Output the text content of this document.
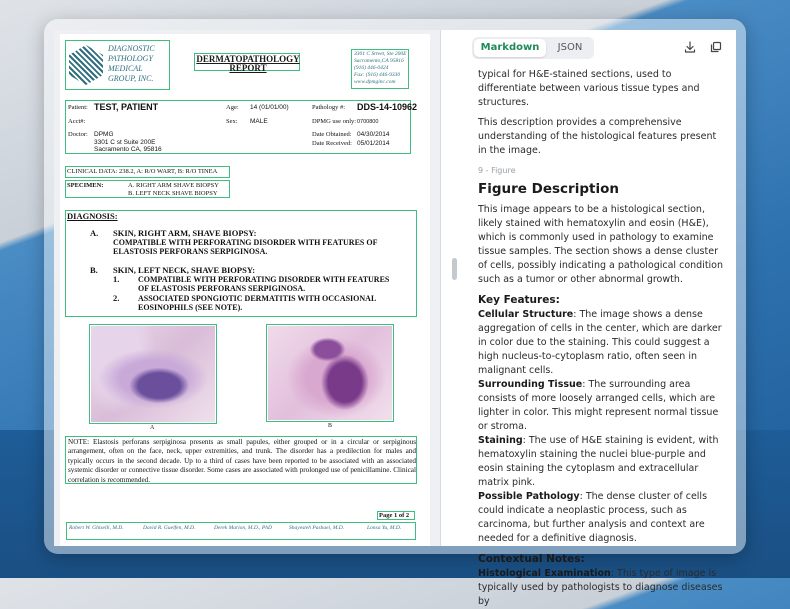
DIAGNOSTIC
PATHOLOGY
MEDICAL
GROUP, INC.
DERMATOPATHOLOGY REPORT
3301 C Street, Ste 200E
Sacramento,CA 95816
(916) 446-0424
Fax: (916) 446-9330
www.dpmginc.com
Patient: TEST, PATIENT
Acct#:
Doctor: DPMG
3301 C st Suite 200E
Sacramento CA, 95816
Age: 14 (01/01/00)
Sex: MALE
Pathology #: DDS-14-10962
DPMG use only: 0700800
Date Obtained: 04/30/2014
Date Received: 05/01/2014
CLINICAL DATA: 238.2, A: R/O WART, B: R/O TINEA
SPECIMEN:	A. RIGHT ARM SHAVE BIOPSY
B. LEFT NECK SHAVE BIOPSY
DIAGNOSIS:
A. SKIN, RIGHT ARM, SHAVE BIOPSY:
COMPATIBLE WITH PERFORATING DISORDER WITH FEATURES OF
ELASTOSIS PERFORANS SERPIGINOSA.
B. SKIN, LEFT NECK, SHAVE BIOPSY:
1. COMPATIBLE WITH PERFORATING DISORDER WITH FEATURES
OF ELASTOSIS PERFORANS SERPIGINOSA.
2. ASSOCIATED SPONGIOTIC DERMATITIS WITH OCCASIONAL
EOSINOPHILS (SEE NOTE).
A	B
NOTE: Elastosis perforans serpiginosa presents as small papules, either grouped or in a circular or serpiginous arrangement, often on the face, neck, upper extremities, and trunk. The disorder has a predilection for males and typically occurs in the second decade. Up to a third of cases have been reported to be associated with an associated systemic disorder or connective tissue disorder. Some cases are associated with prolonged use of penicillamine. Clinical correlation is recommended.
Page 1 of 2
Robert W. Ghiselli, M.D.	David R. Guelfen, M.D.	Derek Marion, M.D., PhD	Shayesteh Pashaei, M.D.	Lonsa Yu, M.D.
Markdown	JSON

typical for H&E-stained sections, used to differentiate between various tissue types and structures.

This description provides a comprehensive understanding of the histological features present in the image.

9 - Figure
Figure Description

This image appears to be a histological section, likely stained with hematoxylin and eosin (H&E), which is commonly used in pathology to examine tissue samples. The section shows a dense cluster of cells, possibly indicating a pathological condition such as a tumor or other abnormal growth.

Key Features:
Cellular Structure: The image shows a dense aggregation of cells in the center, which are darker in color due to the staining. This could suggest a high nucleus-to-cytoplasm ratio, often seen in malignant cells.
Surrounding Tissue: The surrounding area consists of more loosely arranged cells, which are lighter in color. This might represent normal tissue or stroma.
Staining: The use of H&E staining is evident, with hematoxylin staining the nuclei blue-purple and eosin staining the cytoplasm and extracellular matrix pink.
Possible Pathology: The dense cluster of cells could indicate a neoplastic process, such as carcinoma, but further analysis and context are needed for a definitive diagnosis.
Contextual Notes:
Histological Examination: This type of image is typically used by pathologists to diagnose diseases by
